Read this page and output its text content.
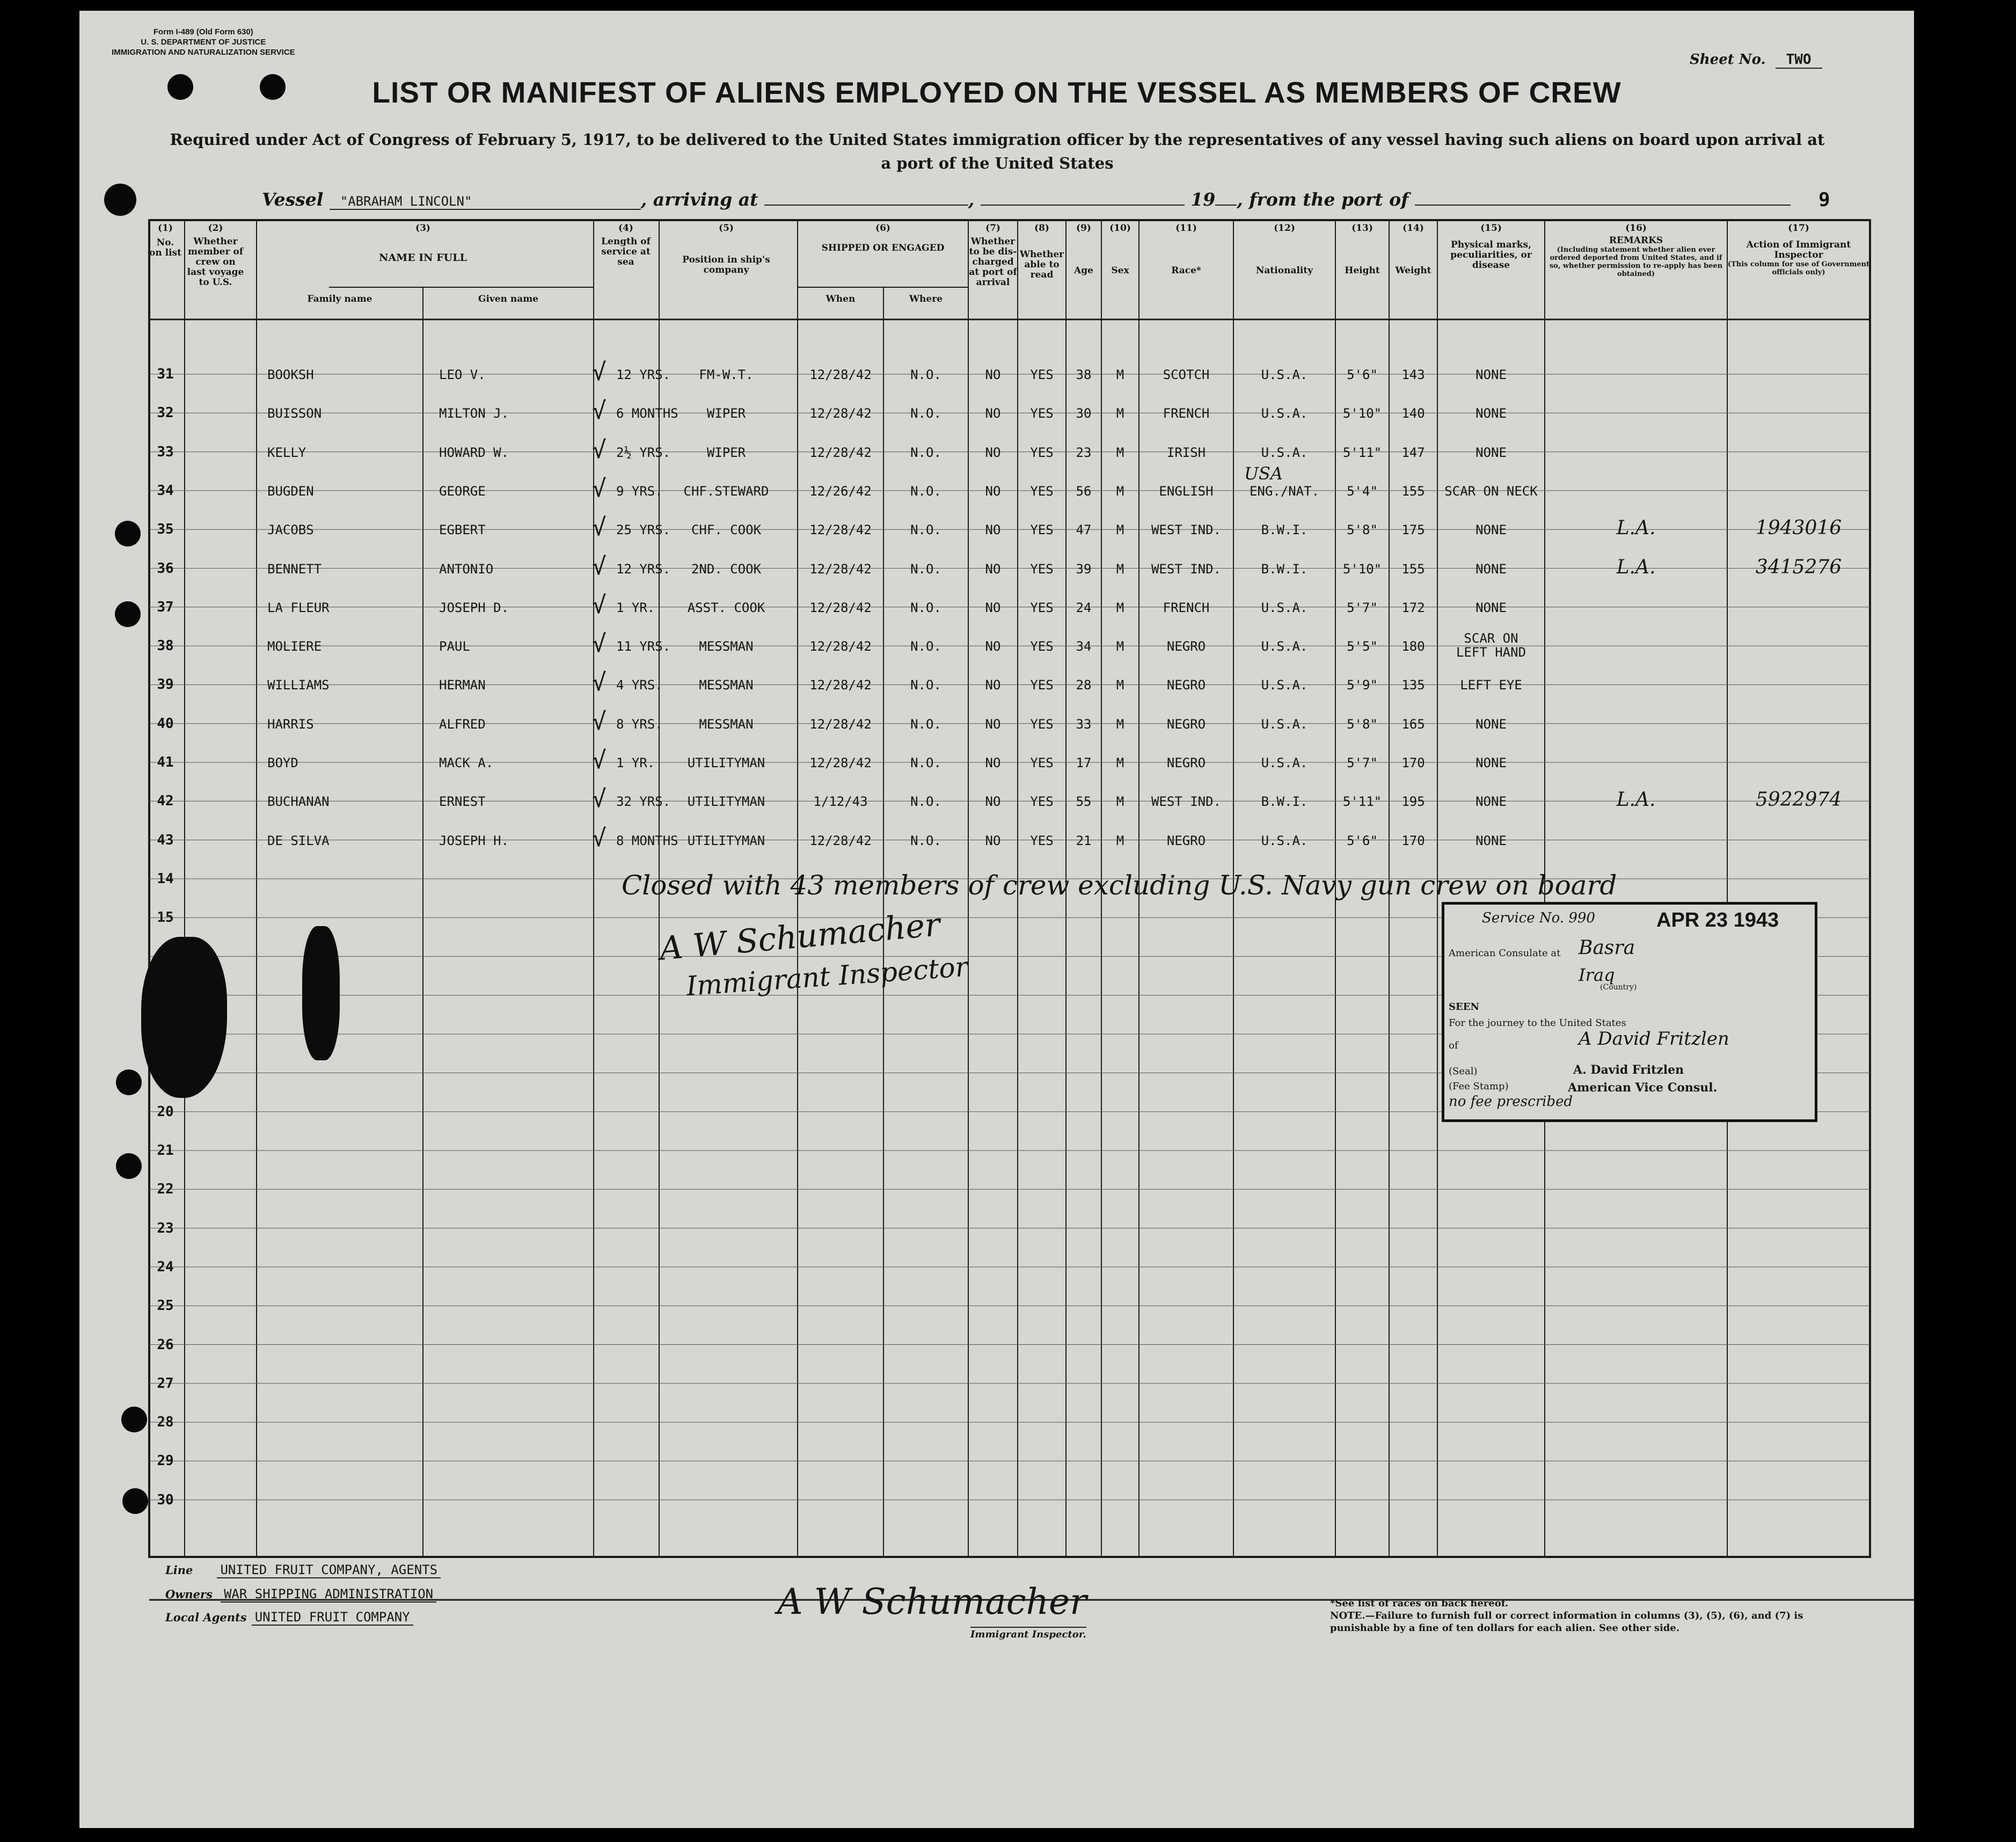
Form I-489 (Old Form 630)
U. S. DEPARTMENT OF JUSTICE
IMMIGRATION AND NATURALIZATION SERVICE	Sheet No. TWO
LIST OR MANIFEST OF ALIENS EMPLOYED ON THE VESSEL AS MEMBERS OF CREW
Required under Act of Congress of February 5, 1917, to be delivered to the United States immigration officer by the representatives of any vessel having such aliens on board upon arrival at a port of the United States
Vessel "ABRAHAM LINCOLN"	, arriving at	,	19 , from the port of	9
(1)
No. on list
(2)
Whether member of crew on last voyage to U.S.
(3)
NAME IN FULL
Family name	Given name
(4)
Length of service at sea
(5)
Position in ship's company
(6)
SHIPPED OR ENGAGED
When	Where
(7)
Whether to be dis-charged at port of arrival
(8)
Whether able to read
(9)
Age
(10)
Sex
(11)
Race*
(12)
Nationality
(13)
Height
(14)
Weight
(15)
Physical marks, peculiarities, or disease
(16)
REMARKS
(Including statement whether alien ever ordered deported from United States, and if so, whether permission to re-apply has been obtained)
(17)
Action of Immigrant Inspector
(This column for use of Government officials only)
31	BOOKSH	LEO V.	12 YRS.	FM-W.T.	12/28/42	N.O.	NO	YES	38	M	SCOTCH	U.S.A.	5'6"	143	NONE
√
32	BUISSON	MILTON J.	6 MONTHS	WIPER	12/28/42	N.O.	NO	YES	30	M	FRENCH	U.S.A.	5'10"	140	NONE
√
33	KELLY	HOWARD W.	2½ YRS.	WIPER	12/28/42	N.O.	NO	YES	23	M	IRISH	U.S.A.	5'11"	147	NONE
√
34	BUGDEN	GEORGE	9 YRS.	CHF.STEWARD	12/26/42	N.O.	NO	YES	56	M	ENGLISH	ENG./NAT.	5'4"	155	SCAR ON NECK
√
35	JACOBS	EGBERT	25 YRS.	CHF. COOK	12/28/42	N.O.	NO	YES	47	M	WEST IND.	B.W.I.	5'8"	175	NONE	L.A.	1943016
√
36	BENNETT	ANTONIO	12 YRS.	2ND. COOK	12/28/42	N.O.	NO	YES	39	M	WEST IND.	B.W.I.	5'10"	155	NONE	L.A.	3415276
√
37	LA FLEUR	JOSEPH D.	1 YR.	ASST. COOK	12/28/42	N.O.	NO	YES	24	M	FRENCH	U.S.A.	5'7"	172	NONE
√
38	MOLIERE	PAUL	11 YRS.	MESSMAN	12/28/42	N.O.	NO	YES	34	M	NEGRO	U.S.A.	5'5"	180
SCAR ON LEFT HAND
√
39	WILLIAMS	HERMAN	4 YRS.	MESSMAN	12/28/42	N.O.	NO	YES	28	M	NEGRO	U.S.A.	5'9"	135	LEFT EYE
√
40	HARRIS	ALFRED	8 YRS.	MESSMAN	12/28/42	N.O.	NO	YES	33	M	NEGRO	U.S.A.	5'8"	165	NONE
√
41	BOYD	MACK A.	1 YR.	UTILITYMAN	12/28/42	N.O.	NO	YES	17	M	NEGRO	U.S.A.	5'7"	170	NONE
√
42	BUCHANAN	ERNEST	32 YRS.	UTILITYMAN	1/12/43	N.O.	NO	YES	55	M	WEST IND.	B.W.I.	5'11"	195	NONE	L.A.	5922974
√
43	DE SILVA	JOSEPH H.	8 MONTHS UTILITYMAN	12/28/42	N.O.	NO	YES	21	M	NEGRO	U.S.A.	5'6"	170	NONE
√
14
15
20
21
22
23
24
25
26
27
28
29
30
USA
Closed with 43 members of crew excluding U.S. Navy gun crew on board
A W Schumacher
Immigrant Inspector
Service No. 990	APR 23 1943
American Consulate at Basra
Iraq
(Country)
SEEN
For the journey to the United States
of	A David Fritzlen
(Seal)	A. David Fritzlen
(Fee Stamp)	American Vice Consul.
no fee prescribed
Line UNITED FRUIT COMPANY, AGENTS
Owners WAR SHIPPING ADMINISTRATION
Local Agents UNITED FRUIT COMPANY	A W Schumacher
Immigrant Inspector.
*See list of races on back hereof.
NOTE.—Failure to furnish full or correct information in columns (3), (5), (6), and (7) is punishable by a fine of ten dollars for each alien. See other side.
